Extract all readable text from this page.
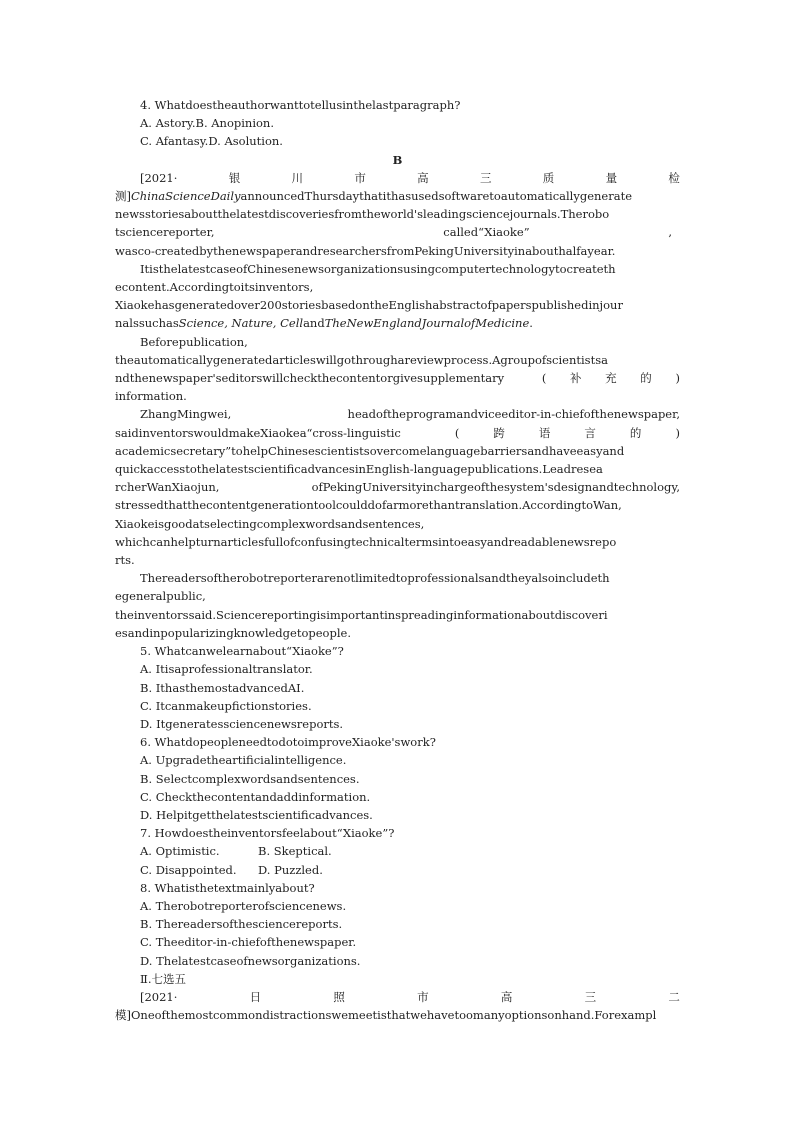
4. Whatdoestheauthorwanttotellusinthelastparagraph?
A. Astory.B. Anopinion.
C. Afantasy.D. Asolution.
B
[2021·	银	川	市	高	三	质	量	检
测]ChinaScienceDailyannouncedThursdaythatithasusedsoftwaretoautomaticallygenerate
newsstoriesaboutthelatestdiscoveriesfromtheworld'sleadingsciencejournals.Therobo
tsciencereporter,	called“Xiaoke”	,
wasco-createdbythenewspaperandresearchersfromPekingUniversityinabouthalfayear.
ItisthelatestcaseofChinesenewsorganizationsusingcomputertechnologytocreateth
econtent.Accordingtoitsinventors,
Xiaokehasgeneratedover200storiesbasedontheEnglishabstractofpaperspublishedinjour
nalssuchasScience, Nature, CellandTheNewEnglandJournalofMedicine.
Beforepublication,
theautomaticallygeneratedarticleswillgothroughareviewprocess.Agroupofscientistsa
ndthenewspaper'seditorswillcheckthecontentorgivesupplementary	( 补 充 的 )
information.
ZhangMingwei,	headoftheprogramandviceeditor-in-chiefofthenewspaper,
saidinventorswouldmakeXiaokea“cross-linguistic	(	跨	语	言	的	)
academicsecretary”tohelpChinesescientistsovercomelanguagebarriersandhaveeasyand
quickaccesstothelatestscientificadvancesinEnglish-languagepublications.Leadresea
rcherWanXiaojun,	ofPekingUniversityinchargeofthesystem'sdesignandtechnology,
stressedthatthecontentgenerationtoolcoulddofarmorethantranslation.AccordingtoWan,
Xiaokeisgoodatselectingcomplexwordsandsentences,
whichcanhelpturnarticlesfullofconfusingtechnicaltermsintoeasyandreadablenewsrepo
rts.
Thereadersoftherobotreporterarenotlimitedtoprofessionalsandtheyalsoincludeth
egeneralpublic,
theinventorssaid.Sciencereportingisimportantinspreadinginformationaboutdiscoveri
esandinpopularizingknowledgetopeople.
5. Whatcanwelearnabout“Xiaoke”?
A. Itisaprofessionaltranslator.
B. IthasthemostadvancedAI.
C. Itcanmakeupfictionstories.
D. Itgeneratessciencenewsreports.
6. WhatdopeopleneedtodotoimproveXiaoke'swork?
A. Upgradetheartificialintelligence.
B. Selectcomplexwordsandsentences.
C. Checkthecontentandaddinformation.
D. Helpitgetthelatestscientificadvances.
7. Howdoestheinventorsfeelabout“Xiaoke”?
A. Optimistic.	B. Skeptical.
C. Disappointed. D. Puzzled.
8. Whatisthetextmainlyabout?
A. Therobotreporterofsciencenews.
B. Thereadersofthesciencereports.
C. Theeditor-in-chiefofthenewspaper.
D. Thelatestcaseofnewsorganizations.
Ⅱ.七选五
[2021·	日	照	市	高	三	二
模]Oneofthemostcommondistractionswemeetisthatwehavetoomanyoptionsonhand.Forexampl
